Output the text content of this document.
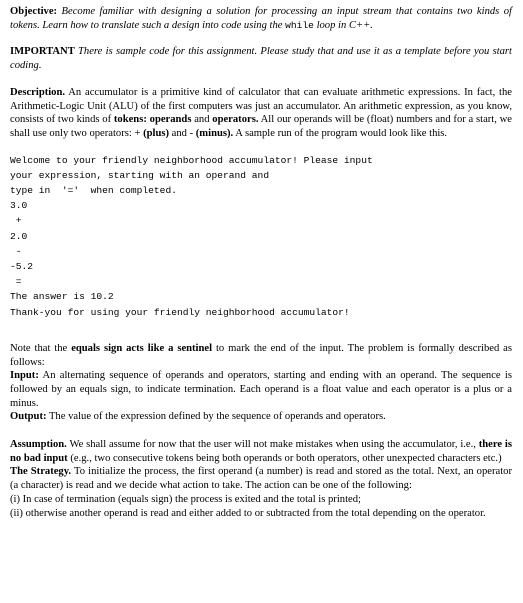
Objective: Become familiar with designing a solution for processing an input stream that contains two kinds of tokens. Learn how to translate such a design into code using the while loop in C++.

IMPORTANT There is sample code for this assignment. Please study that and use it as a template before you start coding.

Description. An accumulator is a primitive kind of calculator that can evaluate arithmetic expressions. In fact, the Arithmetic-Logic Unit (ALU) of the first computers was just an accumulator. An arithmetic expression, as you know, consists of two kinds of tokens: operands and operators. All our operands will be (float) numbers and for a start, we shall use only two operators: + (plus) and - (minus). A sample run of the program would look like this.

Welcome to your friendly neighborhood accumulator! Please input
your expression, starting with an operand and
type in  '='  when completed.
3.0
+
2.0
-
-5.2
=
The answer is 10.2
Thank-you for using your friendly neighborhood accumulator!

Note that the equals sign acts like a sentinel to mark the end of the input. The problem is formally described as follows:

Input: An alternating sequence of operands and operators, starting and ending with an operand. The sequence is followed by an equals sign, to indicate termination. Each operand is a float value and each operator is a plus or a minus.

Output: The value of the expression defined by the sequence of operands and operators.

Assumption. We shall assume for now that the user will not make mistakes when using the accumulator, i.e., there is no bad input (e.g., two consecutive tokens being both operands or both operators, other unexpected characters etc.)

The Strategy. To initialize the process, the first operand (a number) is read and stored as the total. Next, an operator (a character) is read and we decide what action to take. The action can be one of the following:

(i) In case of termination (equals sign) the process is exited and the total is printed;

(ii) otherwise another operand is read and either added to or subtracted from the total depending on the operator.
